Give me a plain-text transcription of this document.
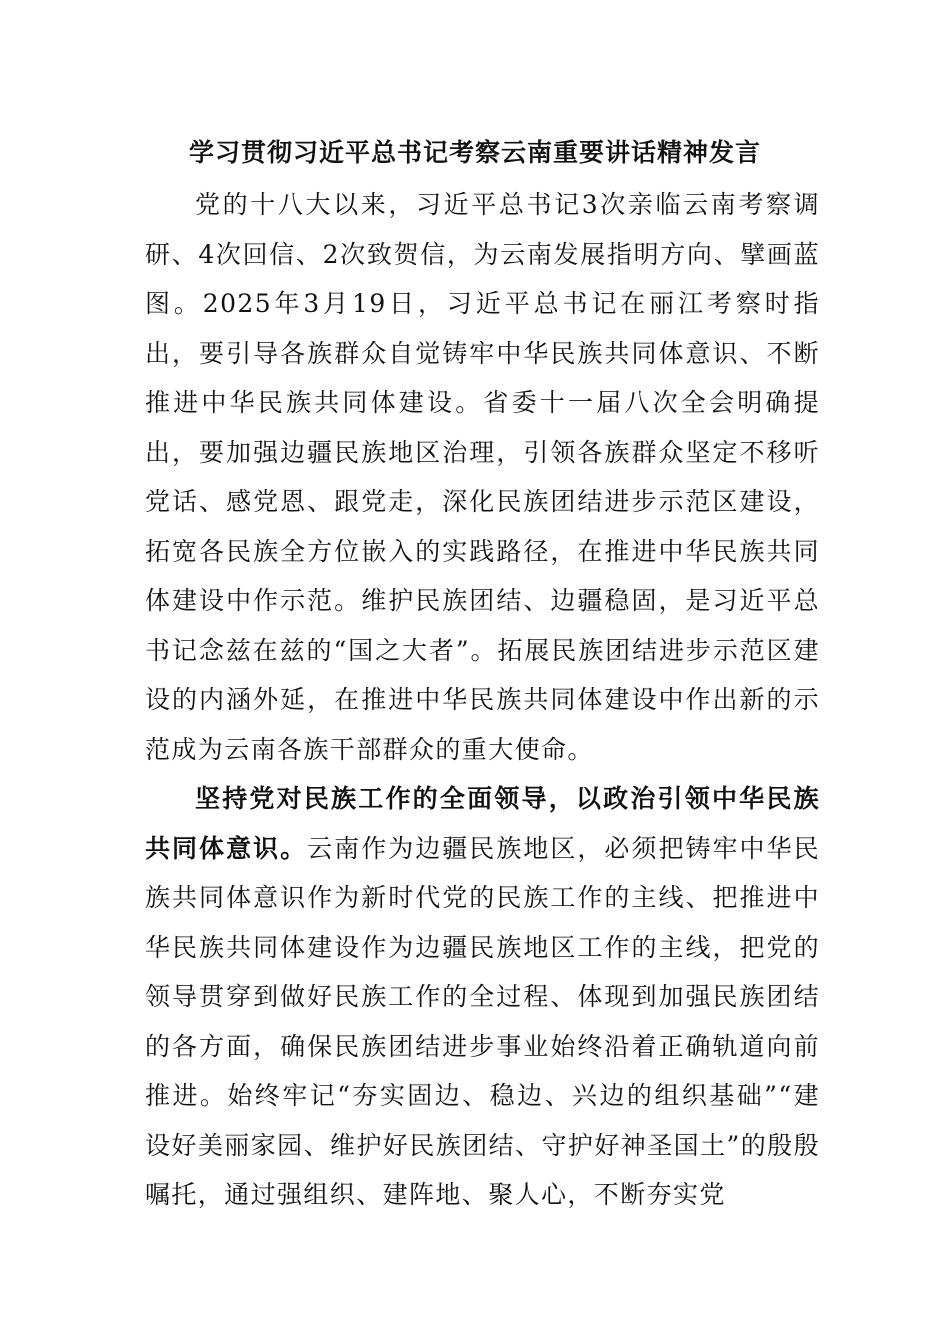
学习贯彻习近平总书记考察云南重要讲话精神发言

党的十八大以来，习近平总书记3次亲临云南考察调研、4次回信、2次致贺信，为云南发展指明方向、擘画蓝图。2025年3月19日，习近平总书记在丽江考察时指出，要引导各族群众自觉铸牢中华民族共同体意识、不断推进中华民族共同体建设。省委十一届八次全会明确提出，要加强边疆民族地区治理，引领各族群众坚定不移听党话、感党恩、跟党走，深化民族团结进步示范区建设，拓宽各民族全方位嵌入的实践路径，在推进中华民族共同体建设中作示范。维护民族团结、边疆稳固，是习近平总书记念兹在兹的“国之大者”。拓展民族团结进步示范区建设的内涵外延，在推进中华民族共同体建设中作出新的示范成为云南各族干部群众的重大使命。

坚持党对民族工作的全面领导，以政治引领中华民族共同体意识。云南作为边疆民族地区，必须把铸牢中华民族共同体意识作为新时代党的民族工作的主线、把推进中华民族共同体建设作为边疆民族地区工作的主线，把党的领导贯穿到做好民族工作的全过程、体现到加强民族团结的各方面，确保民族团结进步事业始终沿着正确轨道向前推进。始终牢记“夯实固边、稳边、兴边的组织基础”“建设好美丽家园、维护好民族团结、守护好神圣国土”的殷殷嘱托，通过强组织、建阵地、聚人心，不断夯实党
